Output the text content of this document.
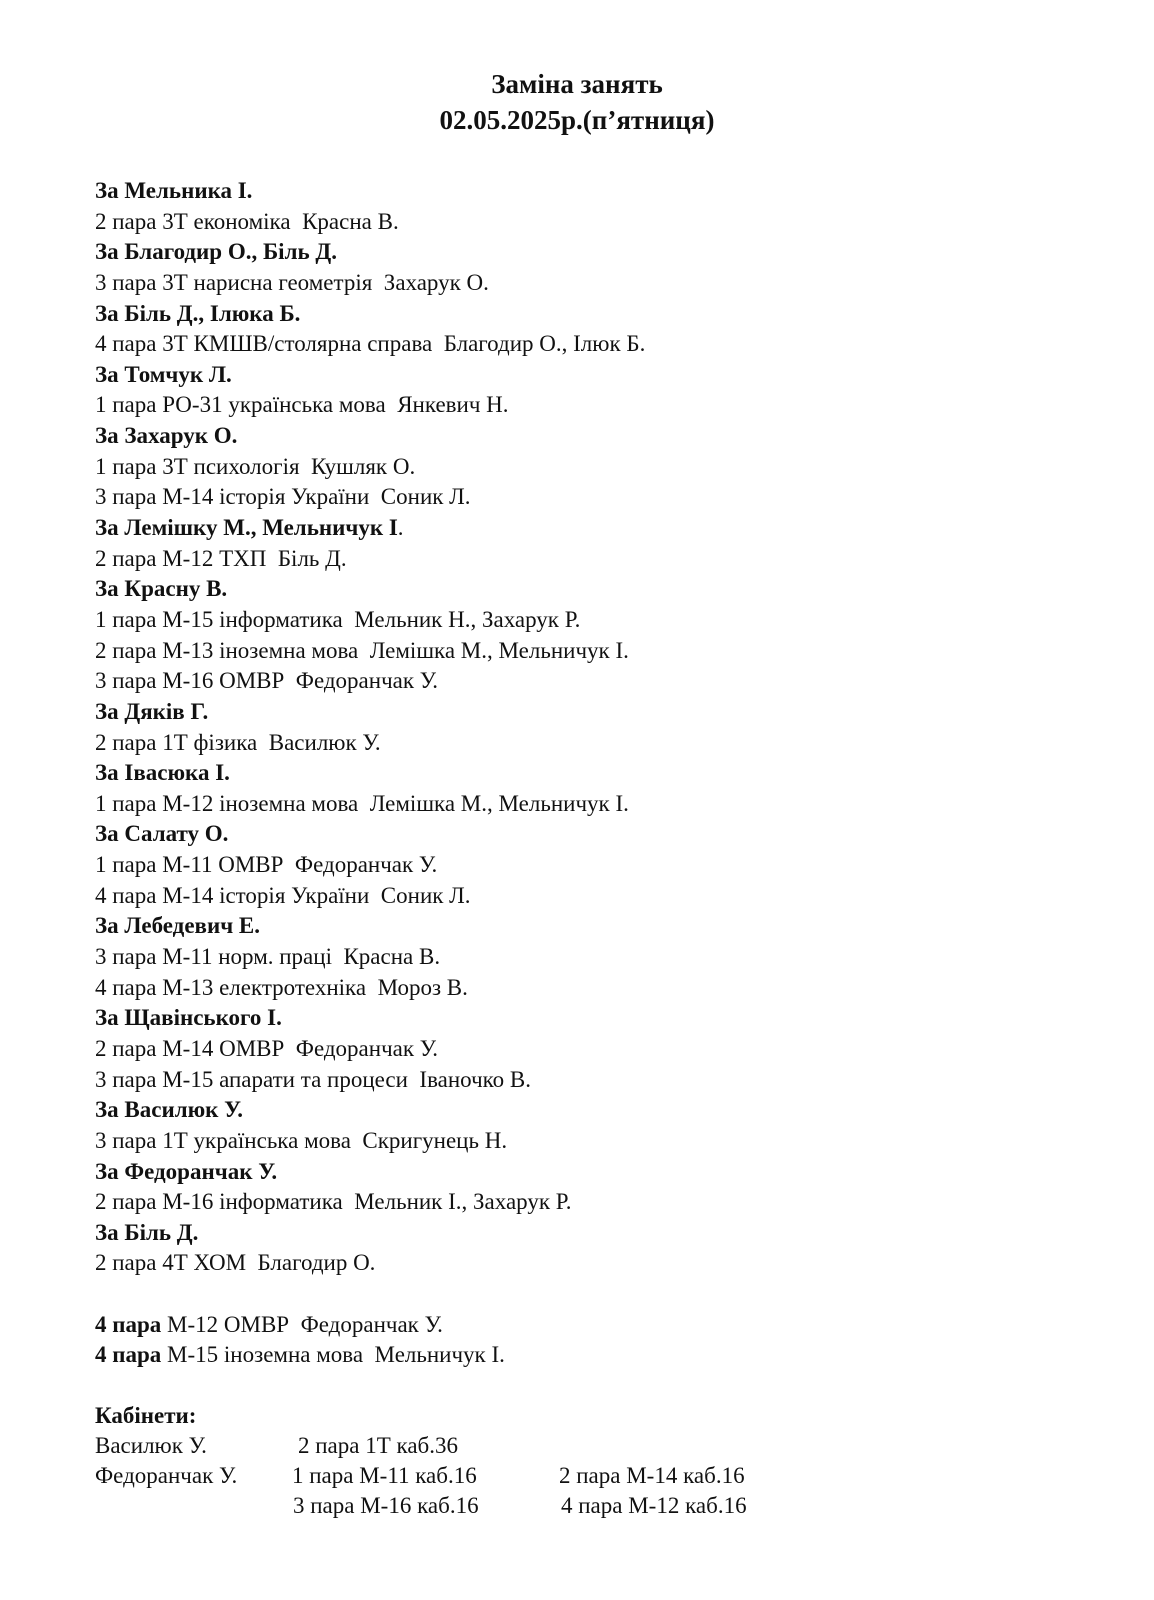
Заміна занять
02.05.2025р.(п’ятниця)
За Мельника І.
2 пара 3Т економіка  Красна В.
За Благодир О., Біль Д.
3 пара 3Т нарисна геометрія  Захарук О.
За Біль Д., Ілюка Б.
4 пара 3Т КМШВ/столярна справа  Благодир О., Ілюк Б.
За Томчук Л.
1 пара РО-31 українська мова  Янкевич Н.
За Захарук О.
1 пара 3Т психологія  Кушляк О.
3 пара М-14 історія України  Соник Л.
За Лемішку М., Мельничук І.
2 пара М-12 ТХП  Біль Д.
За Красну В.
1 пара М-15 інформатика  Мельник Н., Захарук Р.
2 пара М-13 іноземна мова  Лемішка М., Мельничук І.
3 пара М-16 ОМВР  Федоранчак У.
За Дяків Г.
2 пара 1Т фізика  Василюк У.
За Івасюка І.
1 пара М-12 іноземна мова  Лемішка М., Мельничук І.
За Салату О.
1 пара М-11 ОМВР  Федоранчак У.
4 пара М-14 історія України  Соник Л.
За Лебедевич Е.
3 пара М-11 норм. праці  Красна В.
4 пара М-13 електротехніка  Мороз В.
За Щавінського І.
2 пара М-14 ОМВР  Федоранчак У.
3 пара М-15 апарати та процеси  Іваночко В.
За Василюк У.
3 пара 1Т українська мова  Скригунець Н.
За Федоранчак У.
2 пара М-16 інформатика  Мельник І., Захарук Р.
За Біль Д.
2 пара 4Т ХОМ  Благодир О.
4 пара М-12 ОМВР  Федоранчак У.
4 пара М-15 іноземна мова  Мельничук І.
Кабінети:
Василюк У.	2 пара 1Т каб.36
Федоранчак У. 1 пара М-11 каб.16	2 пара М-14 каб.16
3 пара М-16 каб.16	4 пара М-12 каб.16
